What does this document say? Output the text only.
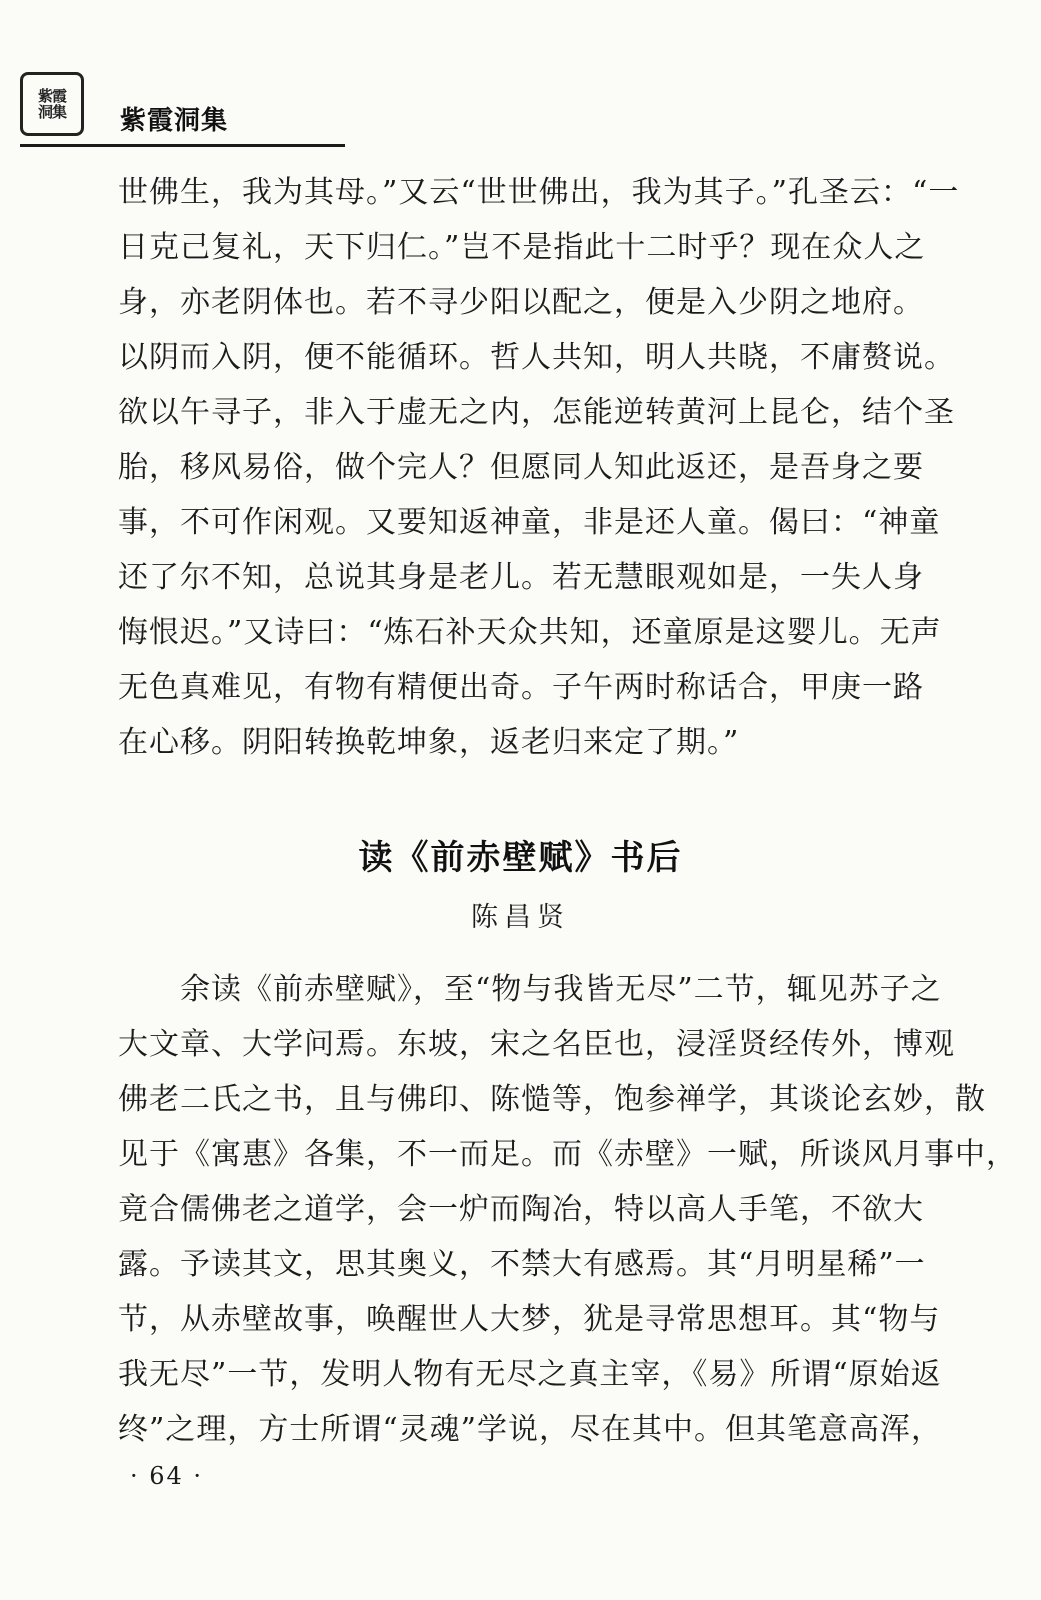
紫霞
洞集	紫霞洞集
世佛生，我为其母。”又云“世世佛出，我为其子。”孔圣云：“一
日克己复礼，天下归仁。”岂不是指此十二时乎？现在众人之
身，亦老阴体也。若不寻少阳以配之，便是入少阴之地府。
以阴而入阴，便不能循环。哲人共知，明人共晓，不庸赘说。
欲以午寻子，非入于虚无之内，怎能逆转黄河上昆仑，结个圣
胎，移风易俗，做个完人？但愿同人知此返还，是吾身之要
事，不可作闲观。又要知返神童，非是还人童。偈曰：“神童
还了尔不知，总说其身是老儿。若无慧眼观如是，一失人身
悔恨迟。”又诗曰：“炼石补天众共知，还童原是这婴儿。无声
无色真难见，有物有精便出奇。子午两时称话合，甲庚一路
在心移。阴阳转换乾坤象，返老归来定了期。”
读《前赤壁赋》书后
陈昌贤
　　余读《前赤壁赋》，至“物与我皆无尽”二节，辄见苏子之
大文章、大学问焉。东坡，宋之名臣也，浸淫贤经传外，博观
佛老二氏之书，且与佛印、陈慥等，饱参禅学，其谈论玄妙，散
见于《寓惠》各集，不一而足。而《赤壁》一赋，所谈风月事中，
竟合儒佛老之道学，会一炉而陶冶，特以高人手笔，不欲大
露。予读其文，思其奥义，不禁大有感焉。其“月明星稀”一
节，从赤壁故事，唤醒世人大梦，犹是寻常思想耳。其“物与
我无尽”一节，发明人物有无尽之真主宰，《易》所谓“原始返
终”之理，方士所谓“灵魂”学说，尽在其中。但其笔意高浑，
· 64 ·
